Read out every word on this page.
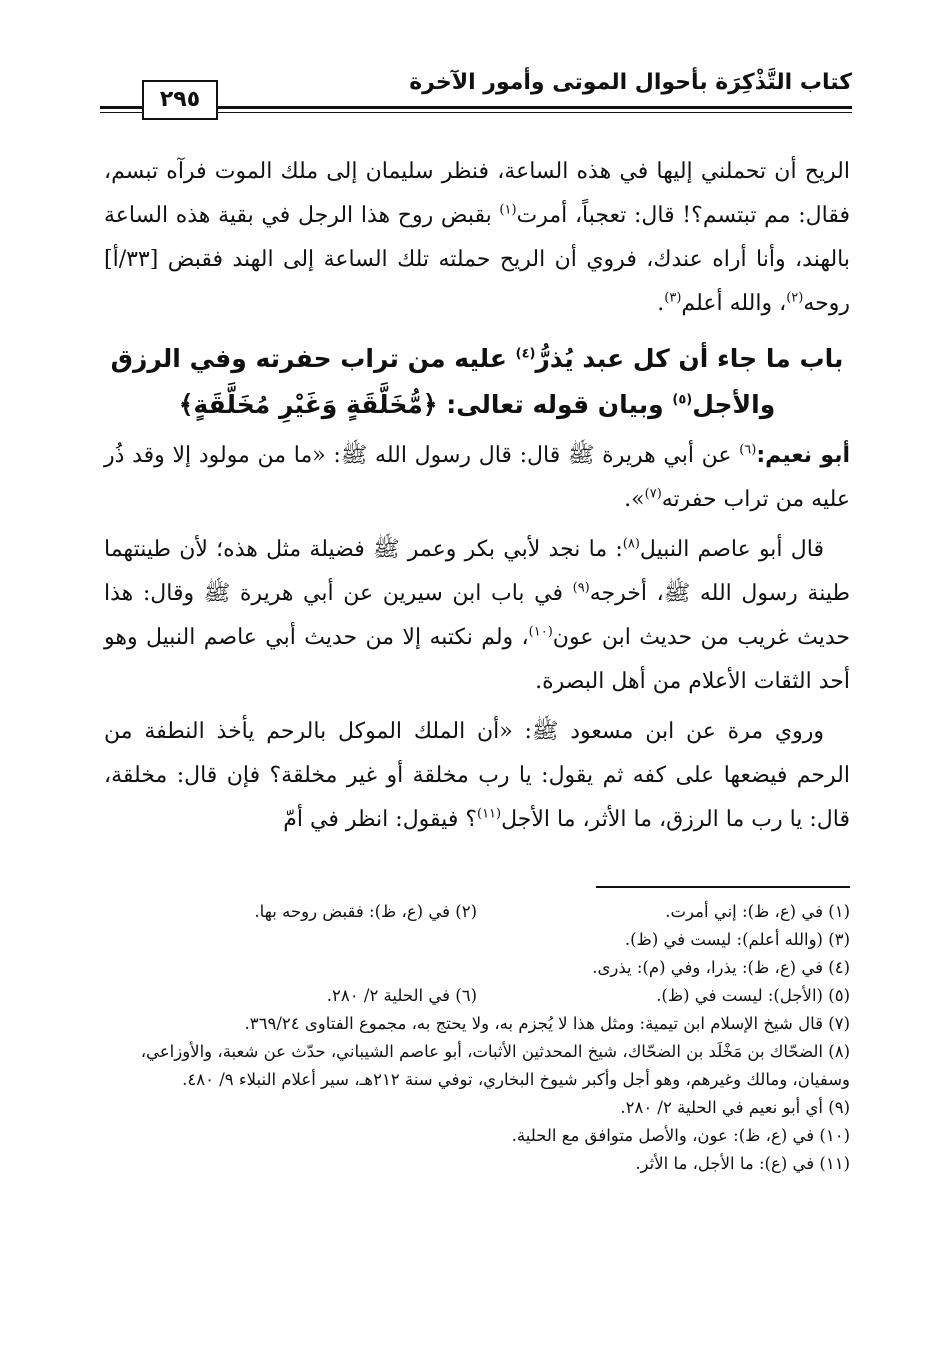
كتاب التَّذْكِرَة بأحوال الموتى وأمور الآخرة
٢٩٥

الريح أن تحملني إليها في هذه الساعة، فنظر سليمان إلى ملك الموت فرآه تبسم، فقال: مم تبتسم؟! قال: تعجباً، أمرت$^{(١)}$ بقبض روح هذا الرجل في بقية هذه الساعة بالهند، وأنا أراه عندك، فروي أن الريح حملته تلك الساعة إلى الهند فقبض [٣٣/أ] روحه$^{(٢)}$، والله أعلم$^{(٣)}$.

باب ما جاء أن كل عبد يُذرُّ$^{(٤)}$ عليه من تراب حفرته وفي الرزق والأجل$^{(٥)}$ وبيان قوله تعالى: ﴿مُّخَلَّقَةٍ وَغَيْرِ مُخَلَّقَةٍ﴾

أبو نعيم:$^{(٦)}$ عن أبي هريرة ﷺ قال: قال رسول الله ﷺ: «ما من مولود إلا وقد ذُر عليه من تراب حفرته$^{(٧)}$».

قال أبو عاصم النبيل$^{(٨)}$: ما نجد لأبي بكر وعمر ﷺ فضيلة مثل هذه؛ لأن طينتهما طينة رسول الله ﷺ، أخرجه$^{(٩)}$ في باب ابن سيرين عن أبي هريرة ﷺ وقال: هذا حديث غريب من حديث ابن عون$^{(١٠)}$، ولم نكتبه إلا من حديث أبي عاصم النبيل وهو أحد الثقات الأعلام من أهل البصرة.

وروي مرة عن ابن مسعود ﷺ: «أن الملك الموكل بالرحم يأخذ النطفة من الرحم فيضعها على كفه ثم يقول: يا رب مخلقة أو غير مخلقة؟ فإن قال: مخلقة، قال: يا رب ما الرزق، ما الأثر، ما الأجل$^{(١١)}$؟ فيقول: انظر في أمّ

(١) في (ع، ظ): إني أمرت.

(٢) في (ع، ظ): فقبض روحه بها.

(٣) (والله أعلم): ليست في (ظ).

(٤) في (ع، ظ): يذرا، وفي (م): يذرى.

(٥) (الأجل): ليست في (ظ).

(٦) في الحلية ٢/ ٢٨٠.

(٧) قال شيخ الإسلام ابن تيمية: ومثل هذا لا يُجزم به، ولا يحتج به، مجموع الفتاوى ٣٦٩/٢٤.

(٨) الضحّاك بن مَخْلَد بن الضحّاك، شيخ المحدثين الأثبات، أبو عاصم الشيباني، حدّث عن شعبة، والأوزاعي، وسفيان، ومالك وغيرهم، وهو أجل وأكبر شيوخ البخاري، توفي سنة ٢١٢هـ، سير أعلام النبلاء ٩/ ٤٨٠.

(٩) أي أبو نعيم في الحلية ٢/ ٢٨٠.

(١٠) في (ع، ظ): عون، والأصل متوافق مع الحلية.

(١١) في (ع): ما الأجل، ما الأثر.
